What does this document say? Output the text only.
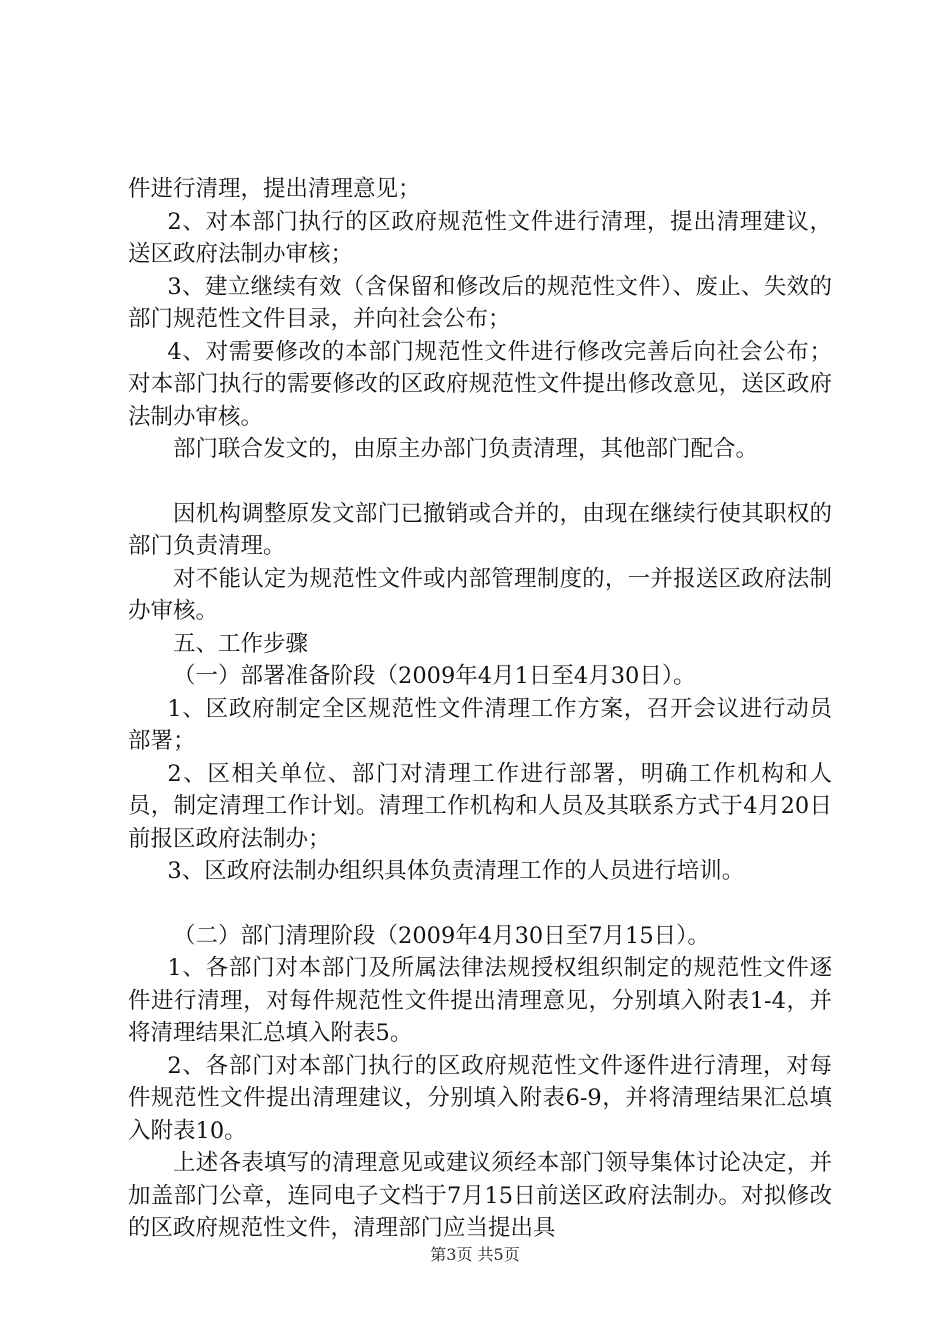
件进行清理，提出清理意见；

2、对本部门执行的区政府规范性文件进行清理，提出清理建议，送区政府法制办审核；

3、建立继续有效（含保留和修改后的规范性文件）、废止、失效的部门规范性文件目录，并向社会公布；

4、对需要修改的本部门规范性文件进行修改完善后向社会公布；对本部门执行的需要修改的区政府规范性文件提出修改意见，送区政府法制办审核。

部门联合发文的，由原主办部门负责清理，其他部门配合。

因机构调整原发文部门已撤销或合并的，由现在继续行使其职权的部门负责清理。

对不能认定为规范性文件或内部管理制度的，一并报送区政府法制办审核。

五、工作步骤

（一）部署准备阶段（2009年4月1日至4月30日）。

1、区政府制定全区规范性文件清理工作方案，召开会议进行动员部署；

2、区相关单位、部门对清理工作进行部署，明确工作机构和人员，制定清理工作计划。清理工作机构和人员及其联系方式于4月20日前报区政府法制办；

3、区政府法制办组织具体负责清理工作的人员进行培训。

（二）部门清理阶段（2009年4月30日至7月15日）。

1、各部门对本部门及所属法律法规授权组织制定的规范性文件逐件进行清理，对每件规范性文件提出清理意见，分别填入附表1-4，并将清理结果汇总填入附表5。

2、各部门对本部门执行的区政府规范性文件逐件进行清理，对每件规范性文件提出清理建议，分别填入附表6-9，并将清理结果汇总填入附表10。

上述各表填写的清理意见或建议须经本部门领导集体讨论决定，并加盖部门公章，连同电子文档于7月15日前送区政府法制办。对拟修改的区政府规范性文件，清理部门应当提出具

第3页 共5页
